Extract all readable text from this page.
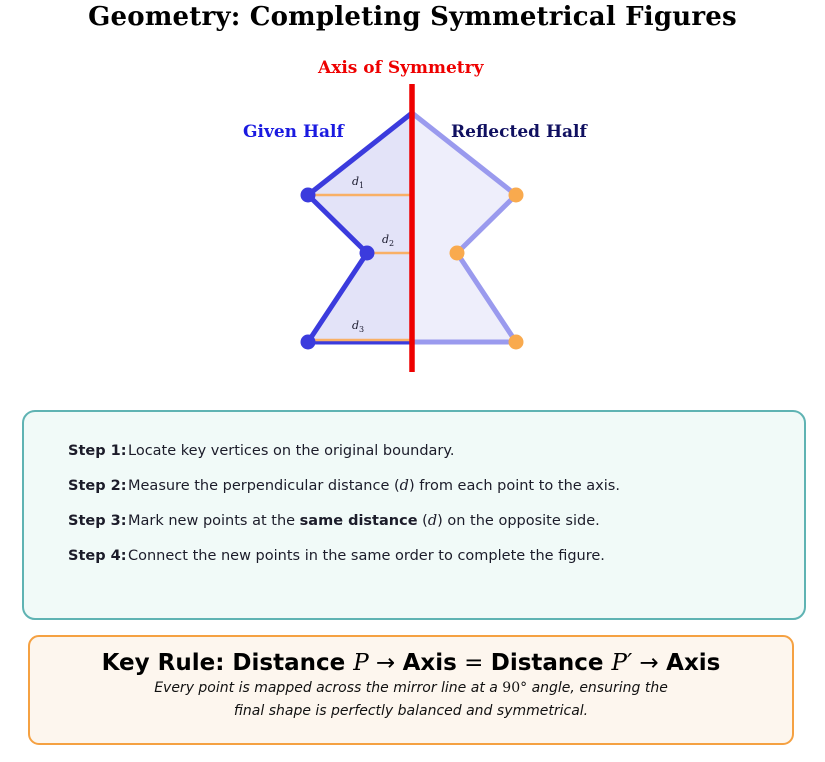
Geometry: Completing Symmetrical Figures
Axis of Symmetry
Given Half	Reflected Half
$d_1$
$d_2$
$d_3$
Step 1: Locate key vertices on the original boundary.
Step 2: Measure the perpendicular distance (d) from each point to the axis.
Step 3: Mark new points at the same distance (d) on the opposite side.
Step 4: Connect the new points in the same order to complete the figure.
Key Rule: Distance P → Axis = Distance P′ → Axis
Every point is mapped across the mirror line at a 90° angle, ensuring the
final shape is perfectly balanced and symmetrical.
